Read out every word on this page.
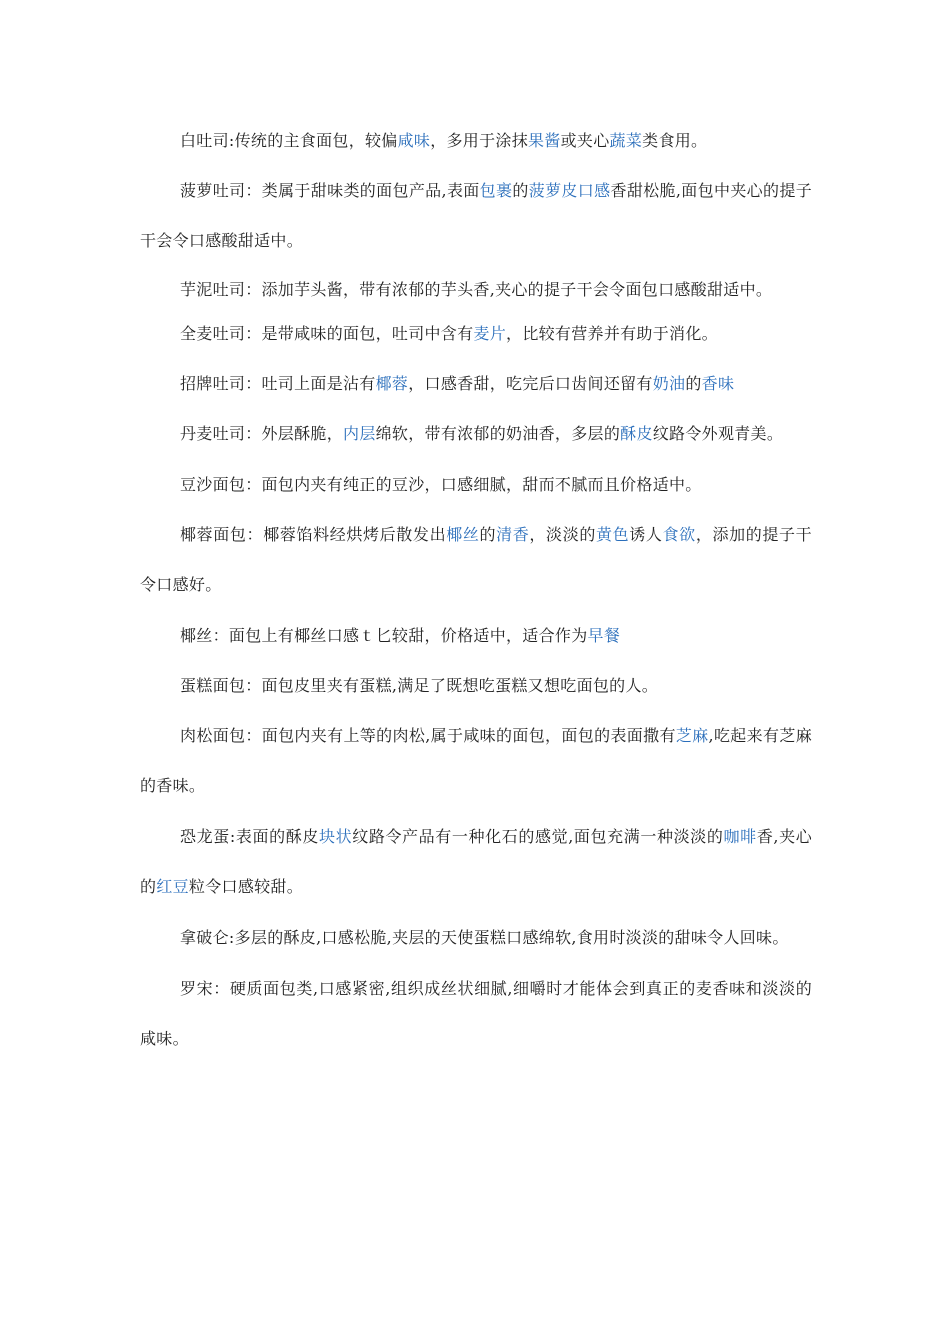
白吐司:传统的主食面包，较偏咸味，多用于涂抹果酱或夹心蔬菜类食用。

菠萝吐司：类属于甜味类的面包产品,表面包裹的菠萝皮口感香甜松脆,面包中夹心的提子干会令口感酸甜适中。

芋泥吐司：添加芋头酱，带有浓郁的芋头香,夹心的提子干会令面包口感酸甜适中。

全麦吐司：是带咸味的面包，吐司中含有麦片，比较有营养并有助于消化。

招牌吐司：吐司上面是沾有椰蓉，口感香甜，吃完后口齿间还留有奶油的香味

丹麦吐司：外层酥脆，内层绵软，带有浓郁的奶油香，多层的酥皮纹路令外观青美。

豆沙面包：面包内夹有纯正的豆沙，口感细腻，甜而不腻而且价格适中。

椰蓉面包：椰蓉馅料经烘烤后散发出椰丝的清香，淡淡的黄色诱人食欲，添加的提子干令口感好。

椰丝：面包上有椰丝口感ｔ匕较甜，价格适中，适合作为早餐

蛋糕面包：面包皮里夹有蛋糕,满足了既想吃蛋糕又想吃面包的人。

肉松面包：面包内夹有上等的肉松,属于咸味的面包，面包的表面撒有芝麻,吃起来有芝麻的香味。

恐龙蛋:表面的酥皮块状纹路令产品有一种化石的感觉,面包充满一种淡淡的咖啡香,夹心的红豆粒令口感较甜。

拿破仑:多层的酥皮,口感松脆,夹层的天使蛋糕口感绵软,食用时淡淡的甜味令人回味。

罗宋：硬质面包类,口感紧密,组织成丝状细腻,细嚼时才能体会到真正的麦香味和淡淡的咸味。
